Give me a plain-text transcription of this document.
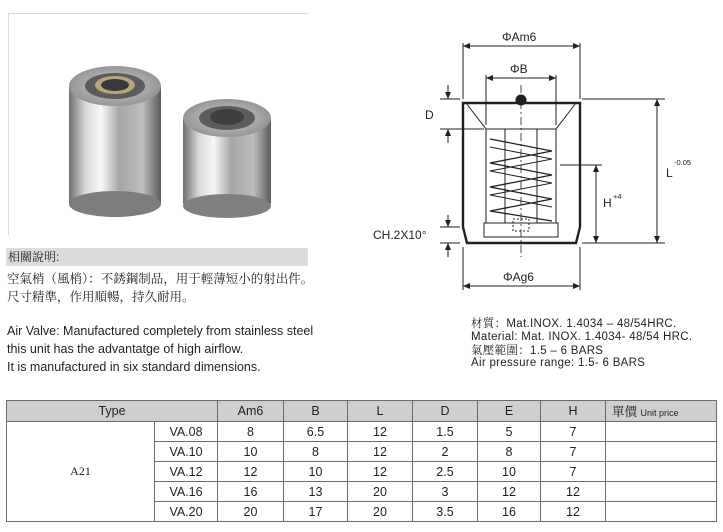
相關說明:
空氣梢（風梢）：不銹鋼制品，用于輕薄短小的射出件。
尺寸精準，作用順暢，持久耐用。
Air Valve: Manufactured completely from stainless steel
this unit has the advantatge of high airflow.
It is manufactured in six standard dimensions.
ΦAm6
ΦB
D
L
-0.05
H +4
CH.2X10°
ΦAg6
材質：Mat.INOX. 1.4034 – 48/54HRC.
Material: Mat. INOX. 1.4034- 48/54 HRC.
氣壓範圍：1.5 – 6 BARS
Air pressure range: 1.5- 6 BARS
Type		Am6	B	L	D	E	H	單價 Unit price
A21	VA.08	8	6.5	12	1.5	5	7	
	VA.10	10	8	12	2	8	7	
	VA.12	12	10	12	2.5	10	7	
	VA.16	16	13	20	3	12	12	
	VA.20	20	17	20	3.5	16	12	
